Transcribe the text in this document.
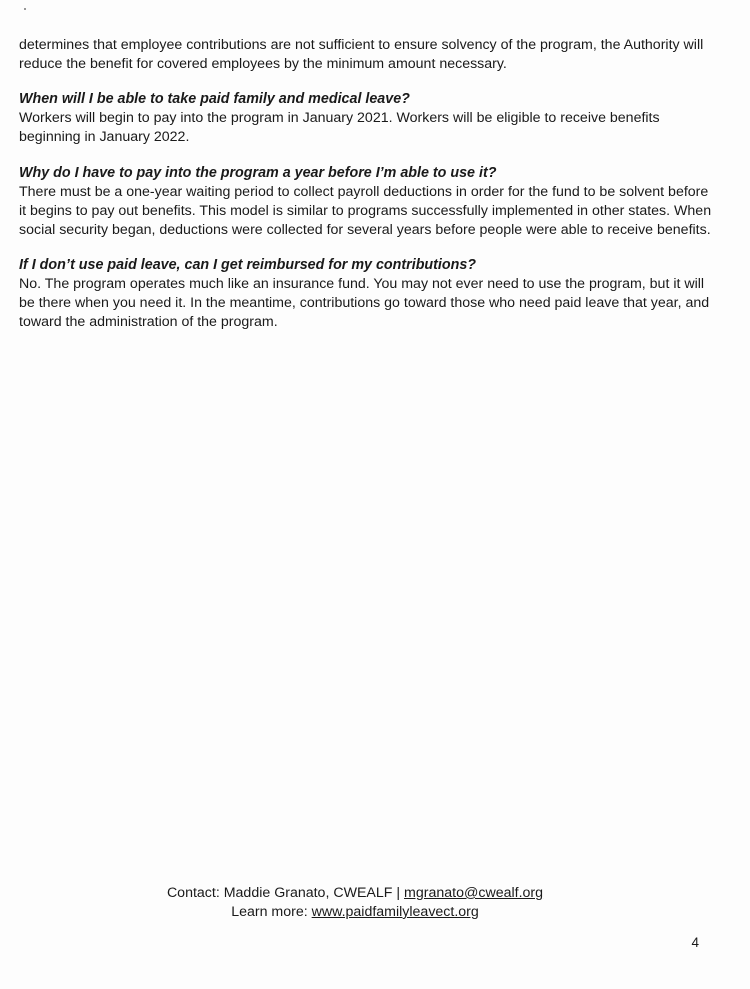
determines that employee contributions are not sufficient to ensure solvency of the program, the Authority will reduce the benefit for covered employees by the minimum amount necessary.

When will I be able to take paid family and medical leave?

Workers will begin to pay into the program in January 2021. Workers will be eligible to receive benefits beginning in January 2022.

Why do I have to pay into the program a year before I’m able to use it?

There must be a one-year waiting period to collect payroll deductions in order for the fund to be solvent before it begins to pay out benefits. This model is similar to programs successfully implemented in other states. When social security began, deductions were collected for several years before people were able to receive benefits.

If I don’t use paid leave, can I get reimbursed for my contributions?

No. The program operates much like an insurance fund. You may not ever need to use the program, but it will be there when you need it. In the meantime, contributions go toward those who need paid leave that year, and toward the administration of the program.

Contact: Maddie Granato, CWEALF | mgranato@cwealf.org
Learn more: www.paidfamilyleavect.org
4
